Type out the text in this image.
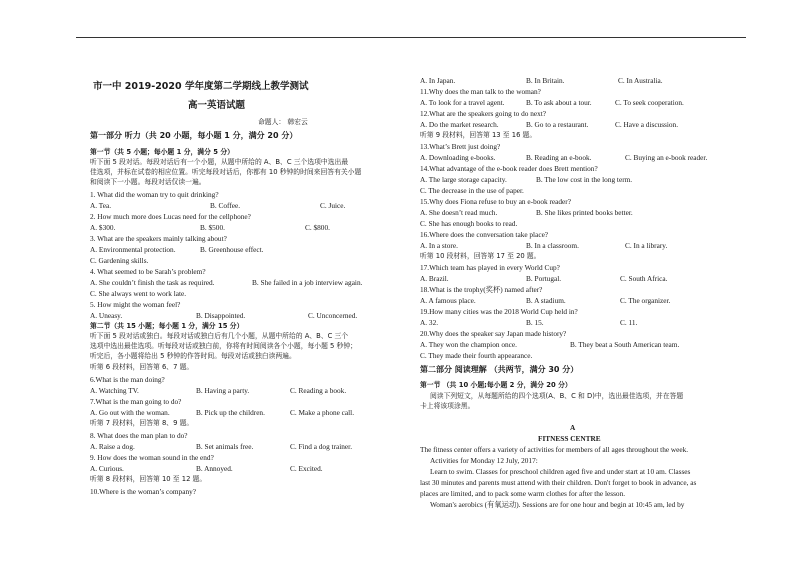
市一中 2019-2020 学年度第二学期线上教学测试
高一英语试题
命题人： 韩宏云
第一部分 听力（共 20 小题，每小题 1 分，满分 20 分）
第一节（共 5 小题；每小题 1 分，满分 5 分）
听下面 5 段对话。每段对话后有一个小题，从题中所给的 A、B、C 三个选项中选出最
佳选项，并标在试卷的相应位置。听完每段对话后，你都有 10 秒钟的时间来回答有关小题
和阅读下一小题。每段对话仅读一遍。
1. What did the woman try to quit drinking?
A. Tea.	B. Coffee.	C. Juice.
2. How much more does Lucas need for the cellphone?
A. $300.	B. $500.	C. $800.
3. What are the speakers mainly talking about?
A. Environmental protection.	B. Greenhouse effect.
C. Gardening skills.
4. What seemed to be Sarah’s problem?
A. She couldn’t finish the task as required.	B. She failed in a job interview again.
C. She always went to work late.
5. How might the woman feel?
A. Uneasy.	B. Disappointed.	C. Unconcerned.
第二节（共 15 小题；每小题 1 分，满分 15 分）
听下面 5 段对话或独白。每段对话或独白后有几个小题，从题中所给的 A、B、C 三个
选项中选出最佳选项。听每段对话或独白前，你将有时间阅读各个小题，每小题 5 秒钟；
听完后，各小题将给出 5 秒钟的作答时间。每段对话或独白读两遍。
听第 6 段材料，回答第 6、7 题。
6.What is the man doing?
A. Watching TV.	B. Having a party.	C. Reading a book.
7.What is the man going to do?
A. Go out with the woman.	B. Pick up the children.	C. Make a phone call.
听第 7 段材料，回答第 8、9 题。
8. What does the man plan to do?
A. Raise a dog.	B. Set animals free.	C. Find a dog trainer.
9. How does the woman sound in the end?
A. Curious.	B. Annoyed.	C. Excited.
听第 8 段材料，回答第 10 至 12 题。
10.Where is the woman’s company?
A. In Japan.	B. In Britain.	C. In Australia.
11.Why does the man talk to the woman?
A. To look for a travel agent.	B. To ask about a tour.	C. To seek cooperation.
12.What are the speakers going to do next?
A. Do the market research.	B. Go to a restaurant.	C. Have a discussion.
听第 9 段材料，回答第 13 至 16 题。
13.What’s Brett just doing?
A. Downloading e-books.	B. Reading an e-book.	C. Buying an e-book reader.
14.What advantage of the e-book reader does Brett mention?
A. The large storage capacity.	B. The low cost in the long term.
C. The decrease in the use of paper.
15.Why does Fiona refuse to buy an e-book reader?
A. She doesn’t read much.	B. She likes printed books better.
C. She has enough books to read.
16.Where does the conversation take place?
A. In a store.	B. In a classroom.	C. In a library.
听第 10 段材料，回答第 17 至 20 题。
17.Which team has played in every World Cup?
A. Brazil.	B. Portugal.	C. South Africa.
18.What is the trophy(奖杯) named after?
A. A famous place.	B. A stadium.	C. The organizer.
19.How many cities was the 2018 World Cup held in?
A. 32.	B. 15.	C. 11.
20.Why does the speaker say Japan made history?
A. They won the champion once.	B. They beat a South American team.
C. They made their fourth appearance.
第二部分 阅读理解 （共两节，满分 30 分）
第一节 （共 10 小题;每小题 2 分，满分 20 分）
阅读下列短文，从每题所给的四个选项(A、B、C 和 D)中，选出最佳选项，并在答题
卡上将该项涂黑。
A
FITNESS CENTRE
The fitness center offers a variety of activities for members of all ages throughout the week.
Activities for Monday 12 July, 2017:
Learn to swim. Classes for preschool children aged five and under start at 10 am. Classes
last 30 minutes and parents must attend with their children. Don't forget to book in advance, as
places are limited, and to pack some warm clothes for after the lesson.
Woman's aerobics (有氧运动). Sessions are for one hour and begin at 10:45 am, led by
